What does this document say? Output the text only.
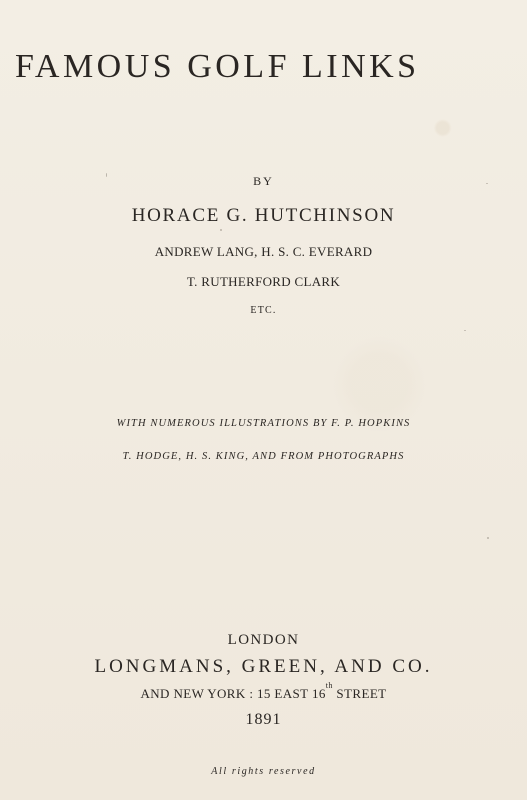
FAMOUS GOLF LINKS
BY
HORACE G. HUTCHINSON
ANDREW LANG, H. S. C. EVERARD
T. RUTHERFORD CLARK
ETC.
WITH NUMEROUS ILLUSTRATIONS BY F. P. HOPKINS
T. HODGE, H. S. KING, AND FROM PHOTOGRAPHS
LONDON
LONGMANS, GREEN, AND CO.
AND NEW YORK : 15 EAST 16th STREET
1891
All rights reserved
